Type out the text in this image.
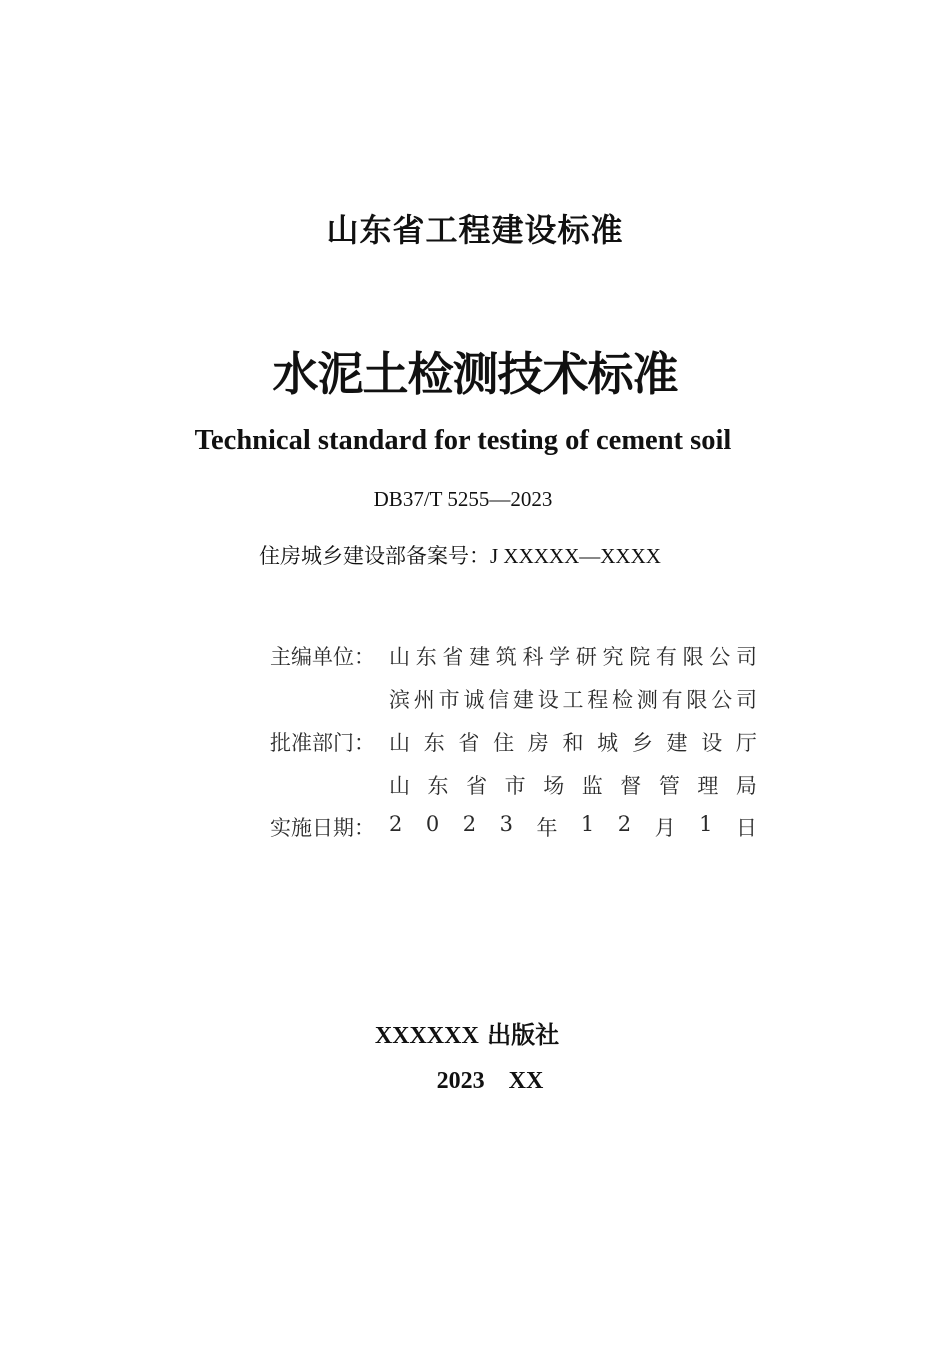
山东省工程建设标准
水泥土检测技术标准
Technical standard for testing of cement soil
DB37/T 5255—2023
住房城乡建设部备案号：J XXXXX—XXXX
主编单位： 山 东 省 建 筑 科 学 研 究 院 有 限 公 司
滨 州 市 诚 信 建 设 工 程 检 测 有 限 公 司
批准部门： 山 东 省 住 房 和 城 乡 建 设 厅
山 东 省 市 场 监 督 管 理 局
实施日期： 2 0 2 3 年 1 2 月 1 日
XXXXXX 出版社
2023 XX
